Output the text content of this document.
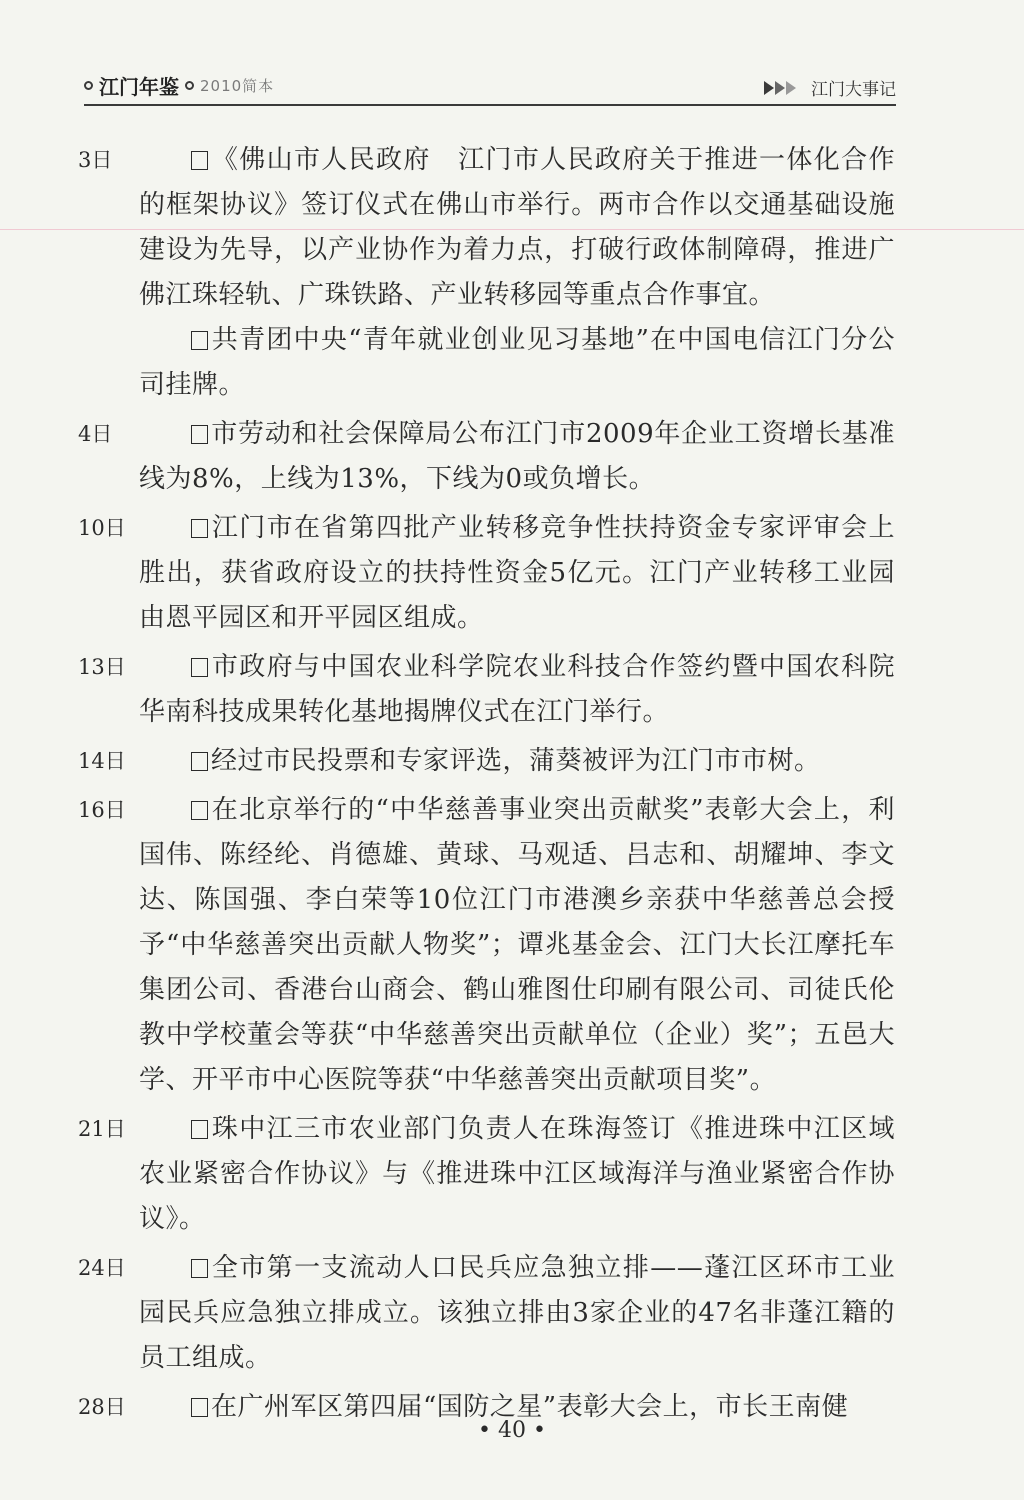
江门年鉴 2010简本	江门大事记
3日	《佛山市人民政府　江门市人民政府关于推进一体化合作的框架协议》签订仪式在佛山市举行。两市合作以交通基础设施建设为先导，以产业协作为着力点，打破行政体制障碍，推进广佛江珠轻轨、广珠铁路、产业转移园等重点合作事宜。

共青团中央“青年就业创业见习基地”在中国电信江门分公司挂牌。

4日	市劳动和社会保障局公布江门市2009年企业工资增长基准线为8%，上线为13%，下线为0或负增长。

10日	江门市在省第四批产业转移竞争性扶持资金专家评审会上胜出，获省政府设立的扶持性资金5亿元。江门产业转移工业园由恩平园区和开平园区组成。

13日	市政府与中国农业科学院农业科技合作签约暨中国农科院华南科技成果转化基地揭牌仪式在江门举行。

14日	经过市民投票和专家评选，蒲葵被评为江门市市树。

16日	在北京举行的“中华慈善事业突出贡献奖”表彰大会上，利国伟、陈经纶、肖德雄、黄球、马观适、吕志和、胡耀坤、李文达、陈国强、李白荣等10位江门市港澳乡亲获中华慈善总会授予“中华慈善突出贡献人物奖”；谭兆基金会、江门大长江摩托车集团公司、香港台山商会、鹤山雅图仕印刷有限公司、司徒氏伦教中学校董会等获“中华慈善突出贡献单位（企业）奖”；五邑大学、开平市中心医院等获“中华慈善突出贡献项目奖”。

21日	珠中江三市农业部门负责人在珠海签订《推进珠中江区域农业紧密合作协议》与《推进珠中江区域海洋与渔业紧密合作协议》。

24日	全市第一支流动人口民兵应急独立排——蓬江区环市工业园民兵应急独立排成立。该独立排由3家企业的47名非蓬江籍的员工组成。

28日	在广州军区第四届“国防之星”表彰大会上，市长王南健

• 40 •
